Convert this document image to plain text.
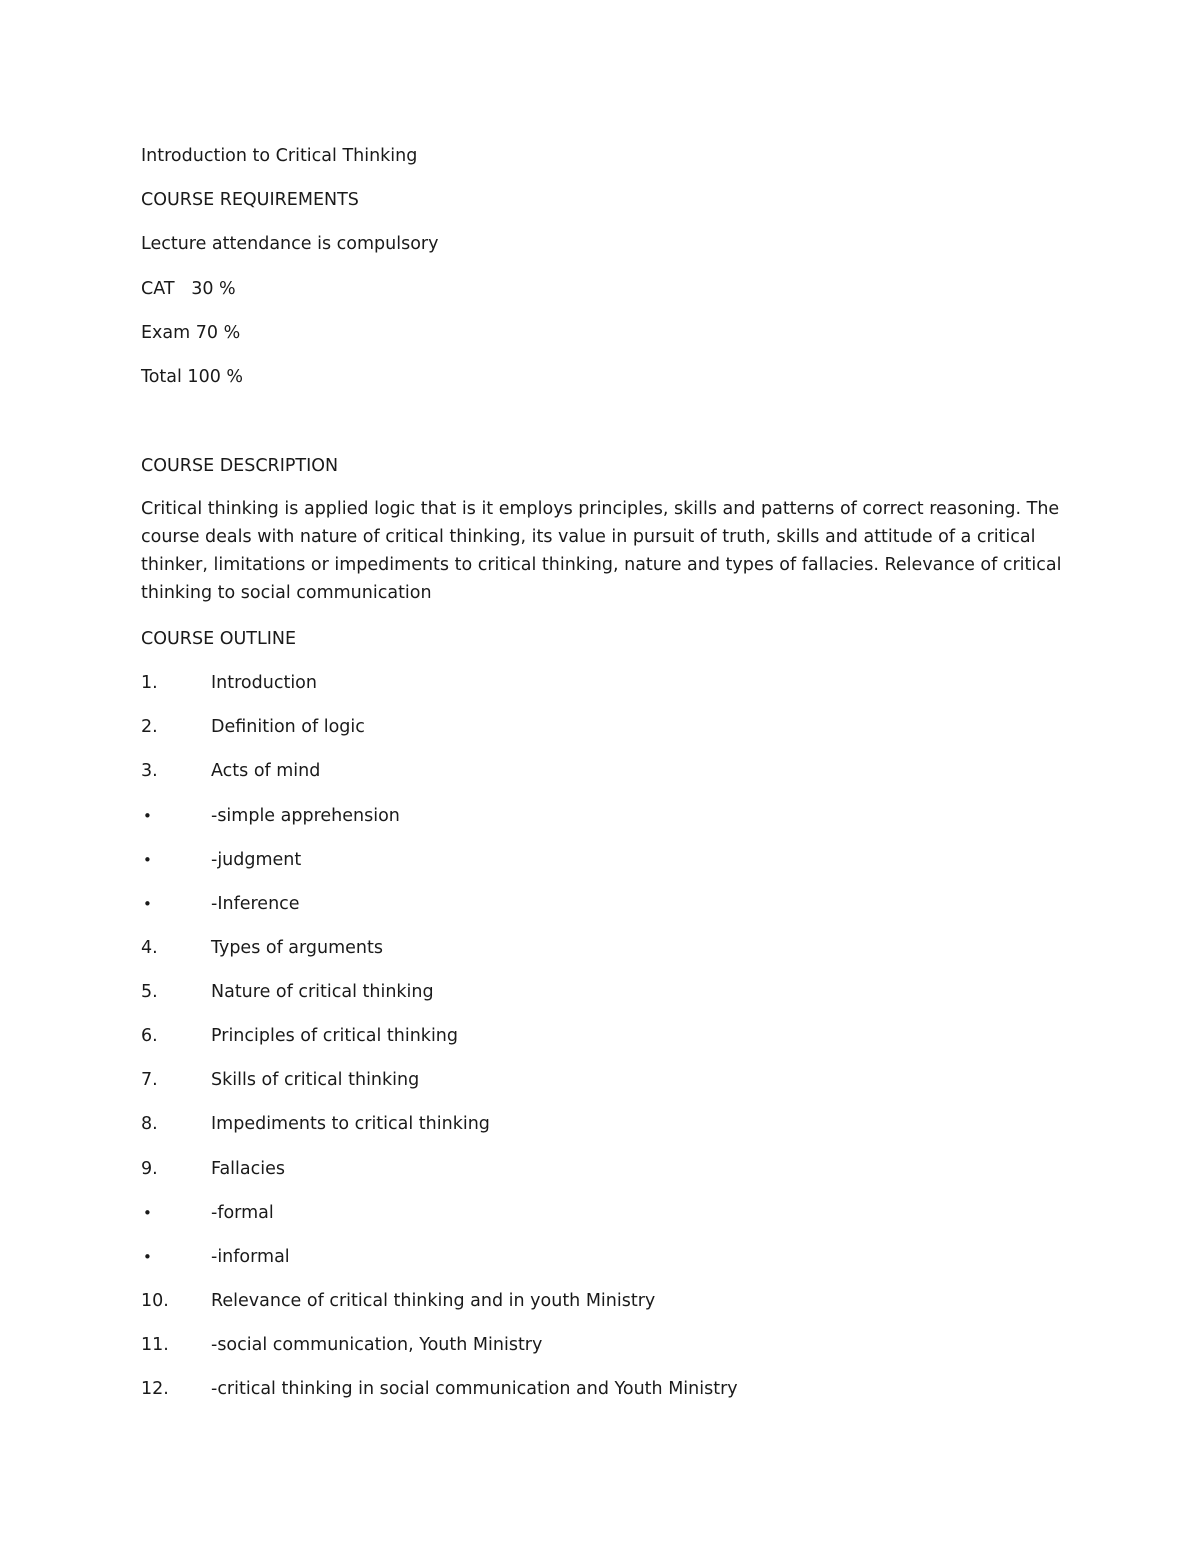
Introduction to Critical Thinking
COURSE REQUIREMENTS
Lecture attendance is compulsory
CAT   30 %
Exam 70 %
Total 100 %
COURSE DESCRIPTION
Critical thinking is applied logic that is it employs principles, skills and patterns of correct reasoning. The course deals with nature of critical thinking, its value in pursuit of truth, skills and attitude of a critical thinker, limitations or impediments to critical thinking, nature and types of fallacies. Relevance of critical thinking to social communication
COURSE OUTLINE
1.	Introduction
2.	Definition of logic
3.	Acts of mind
•	-simple apprehension
•	-judgment
•	-Inference
4.	Types of arguments
5.	Nature of critical thinking
6.	Principles of critical thinking
7.	Skills of critical thinking
8.	Impediments to critical thinking
9.	Fallacies
•	-formal
•	-informal
10. Relevance of critical thinking and in youth Ministry
11. -social communication, Youth Ministry
12. -critical thinking in social communication and Youth Ministry
